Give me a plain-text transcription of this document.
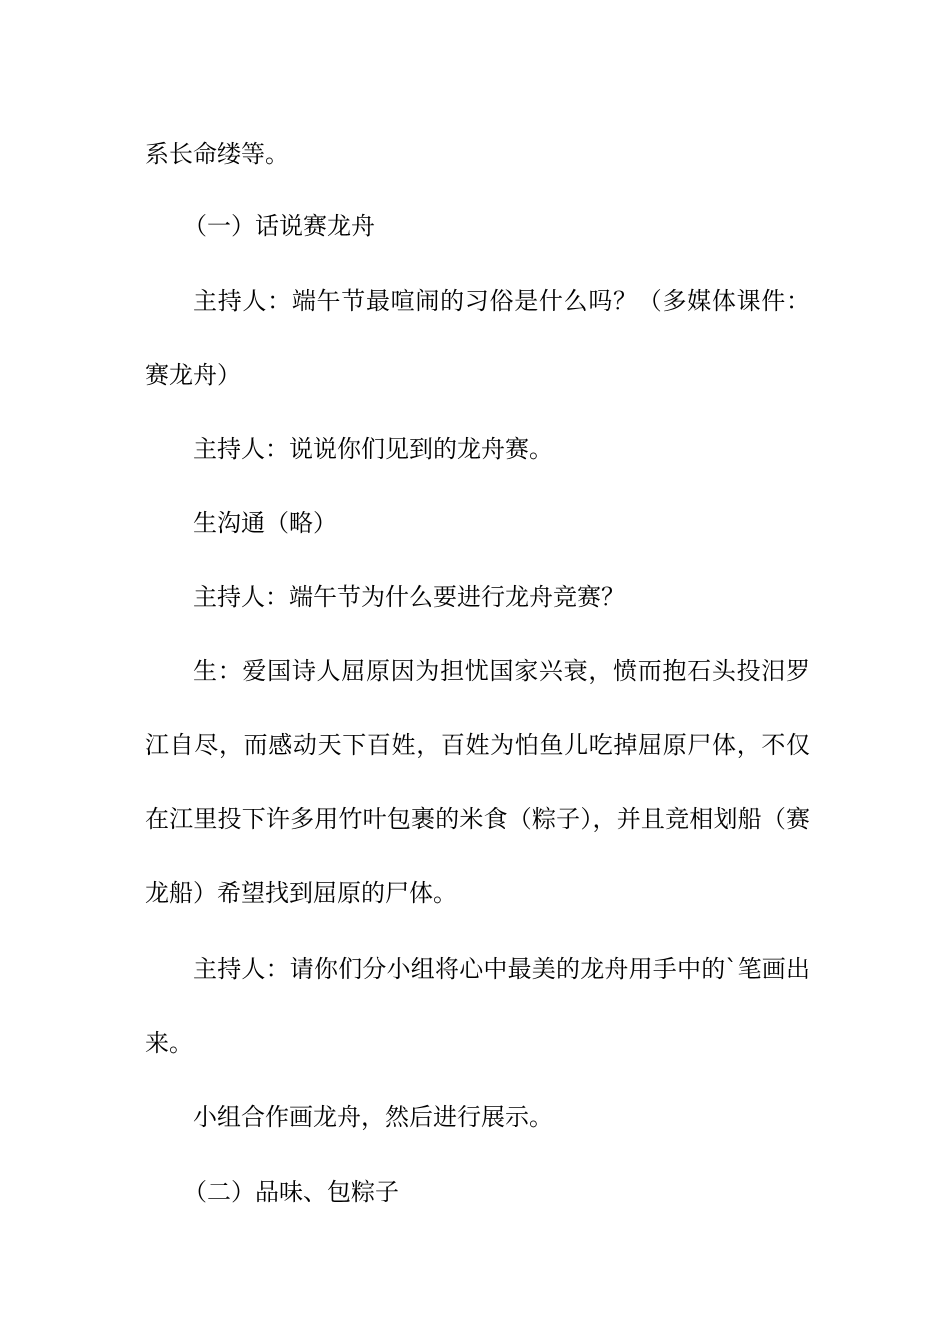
系长命缕等。

（一）话说赛龙舟

主持人：端午节最喧闹的习俗是什么吗？（多媒体课件：赛龙舟）

主持人：说说你们见到的龙舟赛。

生沟通（略）

主持人：端午节为什么要进行龙舟竞赛？

生：爱国诗人屈原因为担忧国家兴衰，愤而抱石头投汨罗江自尽，而感动天下百姓，百姓为怕鱼儿吃掉屈原尸体，不仅在江里投下许多用竹叶包裹的米食（粽子），并且竞相划船（赛龙船）希望找到屈原的尸体。

主持人：请你们分小组将心中最美的龙舟用手中的`笔画出来。

小组合作画龙舟，然后进行展示。

（二）品味、包粽子
